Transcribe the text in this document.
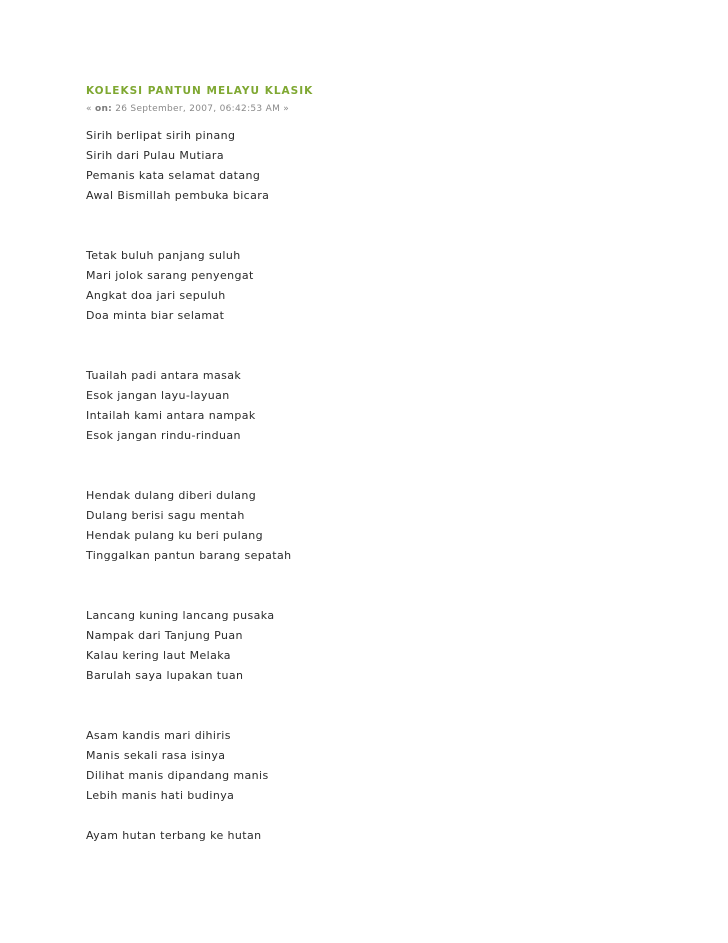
KOLEKSI PANTUN MELAYU KLASIK
« on: 26 September, 2007, 06:42:53 AM »
Sirih berlipat sirih pinang
Sirih dari Pulau Mutiara
Pemanis kata selamat datang
Awal Bismillah pembuka bicara
Tetak buluh panjang suluh
Mari jolok sarang penyengat
Angkat doa jari sepuluh
Doa minta biar selamat
Tuailah padi antara masak
Esok jangan layu-layuan
Intailah kami antara nampak
Esok jangan rindu-rinduan
Hendak dulang diberi dulang
Dulang berisi sagu mentah
Hendak pulang ku beri pulang
Tinggalkan pantun barang sepatah
Lancang kuning lancang pusaka
Nampak dari Tanjung Puan
Kalau kering laut Melaka
Barulah saya lupakan tuan
Asam kandis mari dihiris
Manis sekali rasa isinya
Dilihat manis dipandang manis
Lebih manis hati budinya
Ayam hutan terbang ke hutan
